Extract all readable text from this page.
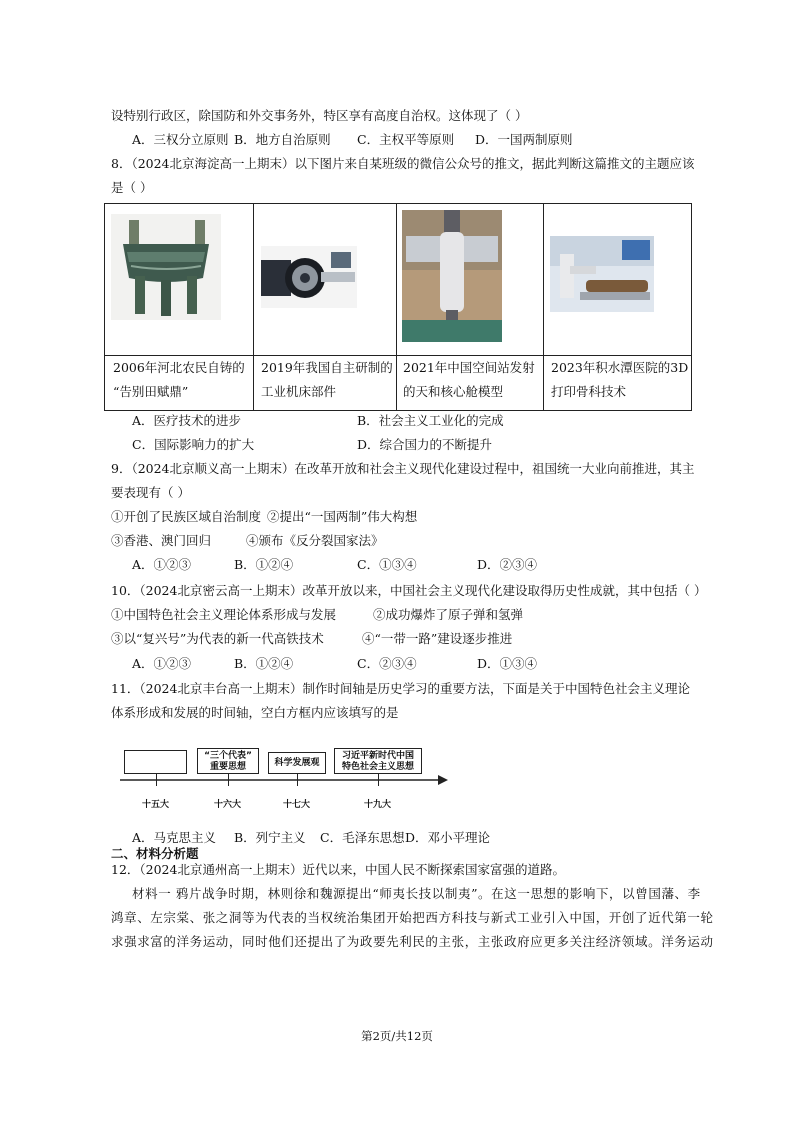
设特别行政区，除国防和外交事务外，特区享有高度自治权。这体现了（ ）
A．三权分立原则 B．地方自治原则 C．主权平等原则 D．一国两制原则
8．（2024北京海淀高一上期末）以下图片来自某班级的微信公众号的推文，据此判断这篇推文的主题应该
是（ ）
2006年河北农民自铸的
“告别田赋鼎”
2019年我国自主研制的
工业机床部件
2021年中国空间站发射
的天和核心舱模型
2023年积水潭医院的3D
打印骨科技术
A．医疗技术的进步	B．社会主义工业化的完成
C．国际影响力的扩大	D．综合国力的不断提升
9．（2024北京顺义高一上期末）在改革开放和社会主义现代化建设过程中，祖国统一大业向前推进，其主
要表现有（ ）
①开创了民族区域自治制度 ②提出“一国两制”伟大构想
③香港、澳门回归	④颁布《反分裂国家法》
A．①②③	B．①②④	C．①③④	D．②③④
10．（2024北京密云高一上期末）改革开放以来，中国社会主义现代化建设取得历史性成就，其中包括（ ）
①中国特色社会主义理论体系形成与发展	②成功爆炸了原子弹和氢弹
③以“复兴号”为代表的新一代高铁技术	④“一带一路”建设逐步推进
A．①②③	B．①②④	C．②③④	D．①③④
11．（2024北京丰台高一上期末）制作时间轴是历史学习的重要方法，下面是关于中国特色社会主义理论
体系形成和发展的时间轴，空白方框内应该填写的是
“三个代表”
重要思想	科学发展观
习近平新时代中国
特色社会主义思想
十五大	十六大	十七大	十九大
A．马克思主义 B．列宁主义 C．毛泽东思想 D．邓小平理论
二、材料分析题
12．（2024北京通州高一上期末）近代以来，中国人民不断探索国家富强的道路。
材料一 鸦片战争时期，林则徐和魏源提出“师夷长技以制夷”。在这一思想的影响下，以曾国藩、李
鸿章、左宗棠、张之洞等为代表的当权统治集团开始把西方科技与新式工业引入中国，开创了近代第一轮
求强求富的洋务运动，同时他们还提出了为政要先利民的主张，主张政府应更多关注经济领域。洋务运动
第2页/共12页
